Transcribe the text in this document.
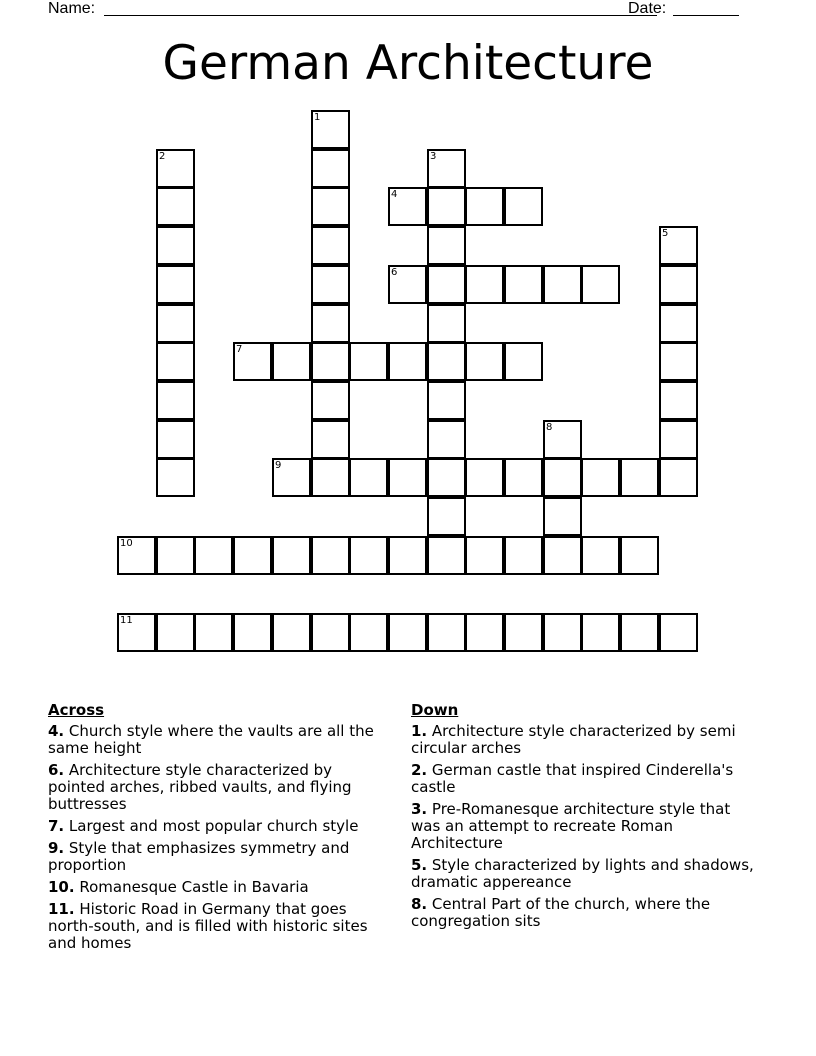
Name:	Date:
German Architecture
1
2	3
4
5
6
7
8
9
10
11
Across
4. Church style where the vaults are all the same height
6. Architecture style characterized by pointed arches, ribbed vaults, and flying buttresses
7. Largest and most popular church style
9. Style that emphasizes symmetry and proportion
10. Romanesque Castle in Bavaria
11. Historic Road in Germany that goes north-south, and is filled with historic sites and homes
Down
1. Architecture style characterized by semi circular arches
2. German castle that inspired Cinderella's castle
3. Pre-Romanesque architecture style that was an attempt to recreate Roman Architecture
5. Style characterized by lights and shadows, dramatic appereance
8. Central Part of the church, where the congregation sits
